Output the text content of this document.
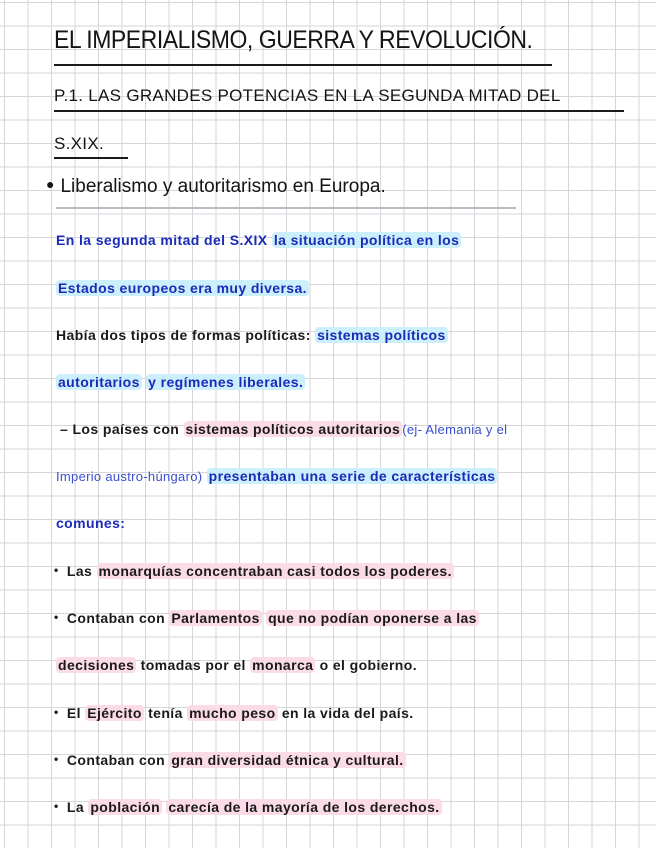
EL IMPERIALISMO, GUERRA Y REVOLUCIÓN.
P.1. LAS GRANDES POTENCIAS EN LA SEGUNDA MITAD DEL
S.XIX.
● Liberalismo y autoritarismo en Europa.
En la segunda mitad del S.XIX la situación política en los
Estados europeos era muy diversa.
Había dos tipos de formas políticas: sistemas políticos
autoritarios y regímenes liberales.
– Los países con sistemas políticos autoritarios (ej- Alemania y el
Imperio austro-húngaro) presentaban una serie de características
comunes:
• Las monarquías concentraban casi todos los poderes.
• Contaban con Parlamentos que no podían oponerse a las
decisiones tomadas por el monarca o el gobierno.
• El Ejército tenía mucho peso en la vida del país.
• Contaban con gran diversidad étnica y cultural.
• La población carecía de la mayoría de los derechos.
